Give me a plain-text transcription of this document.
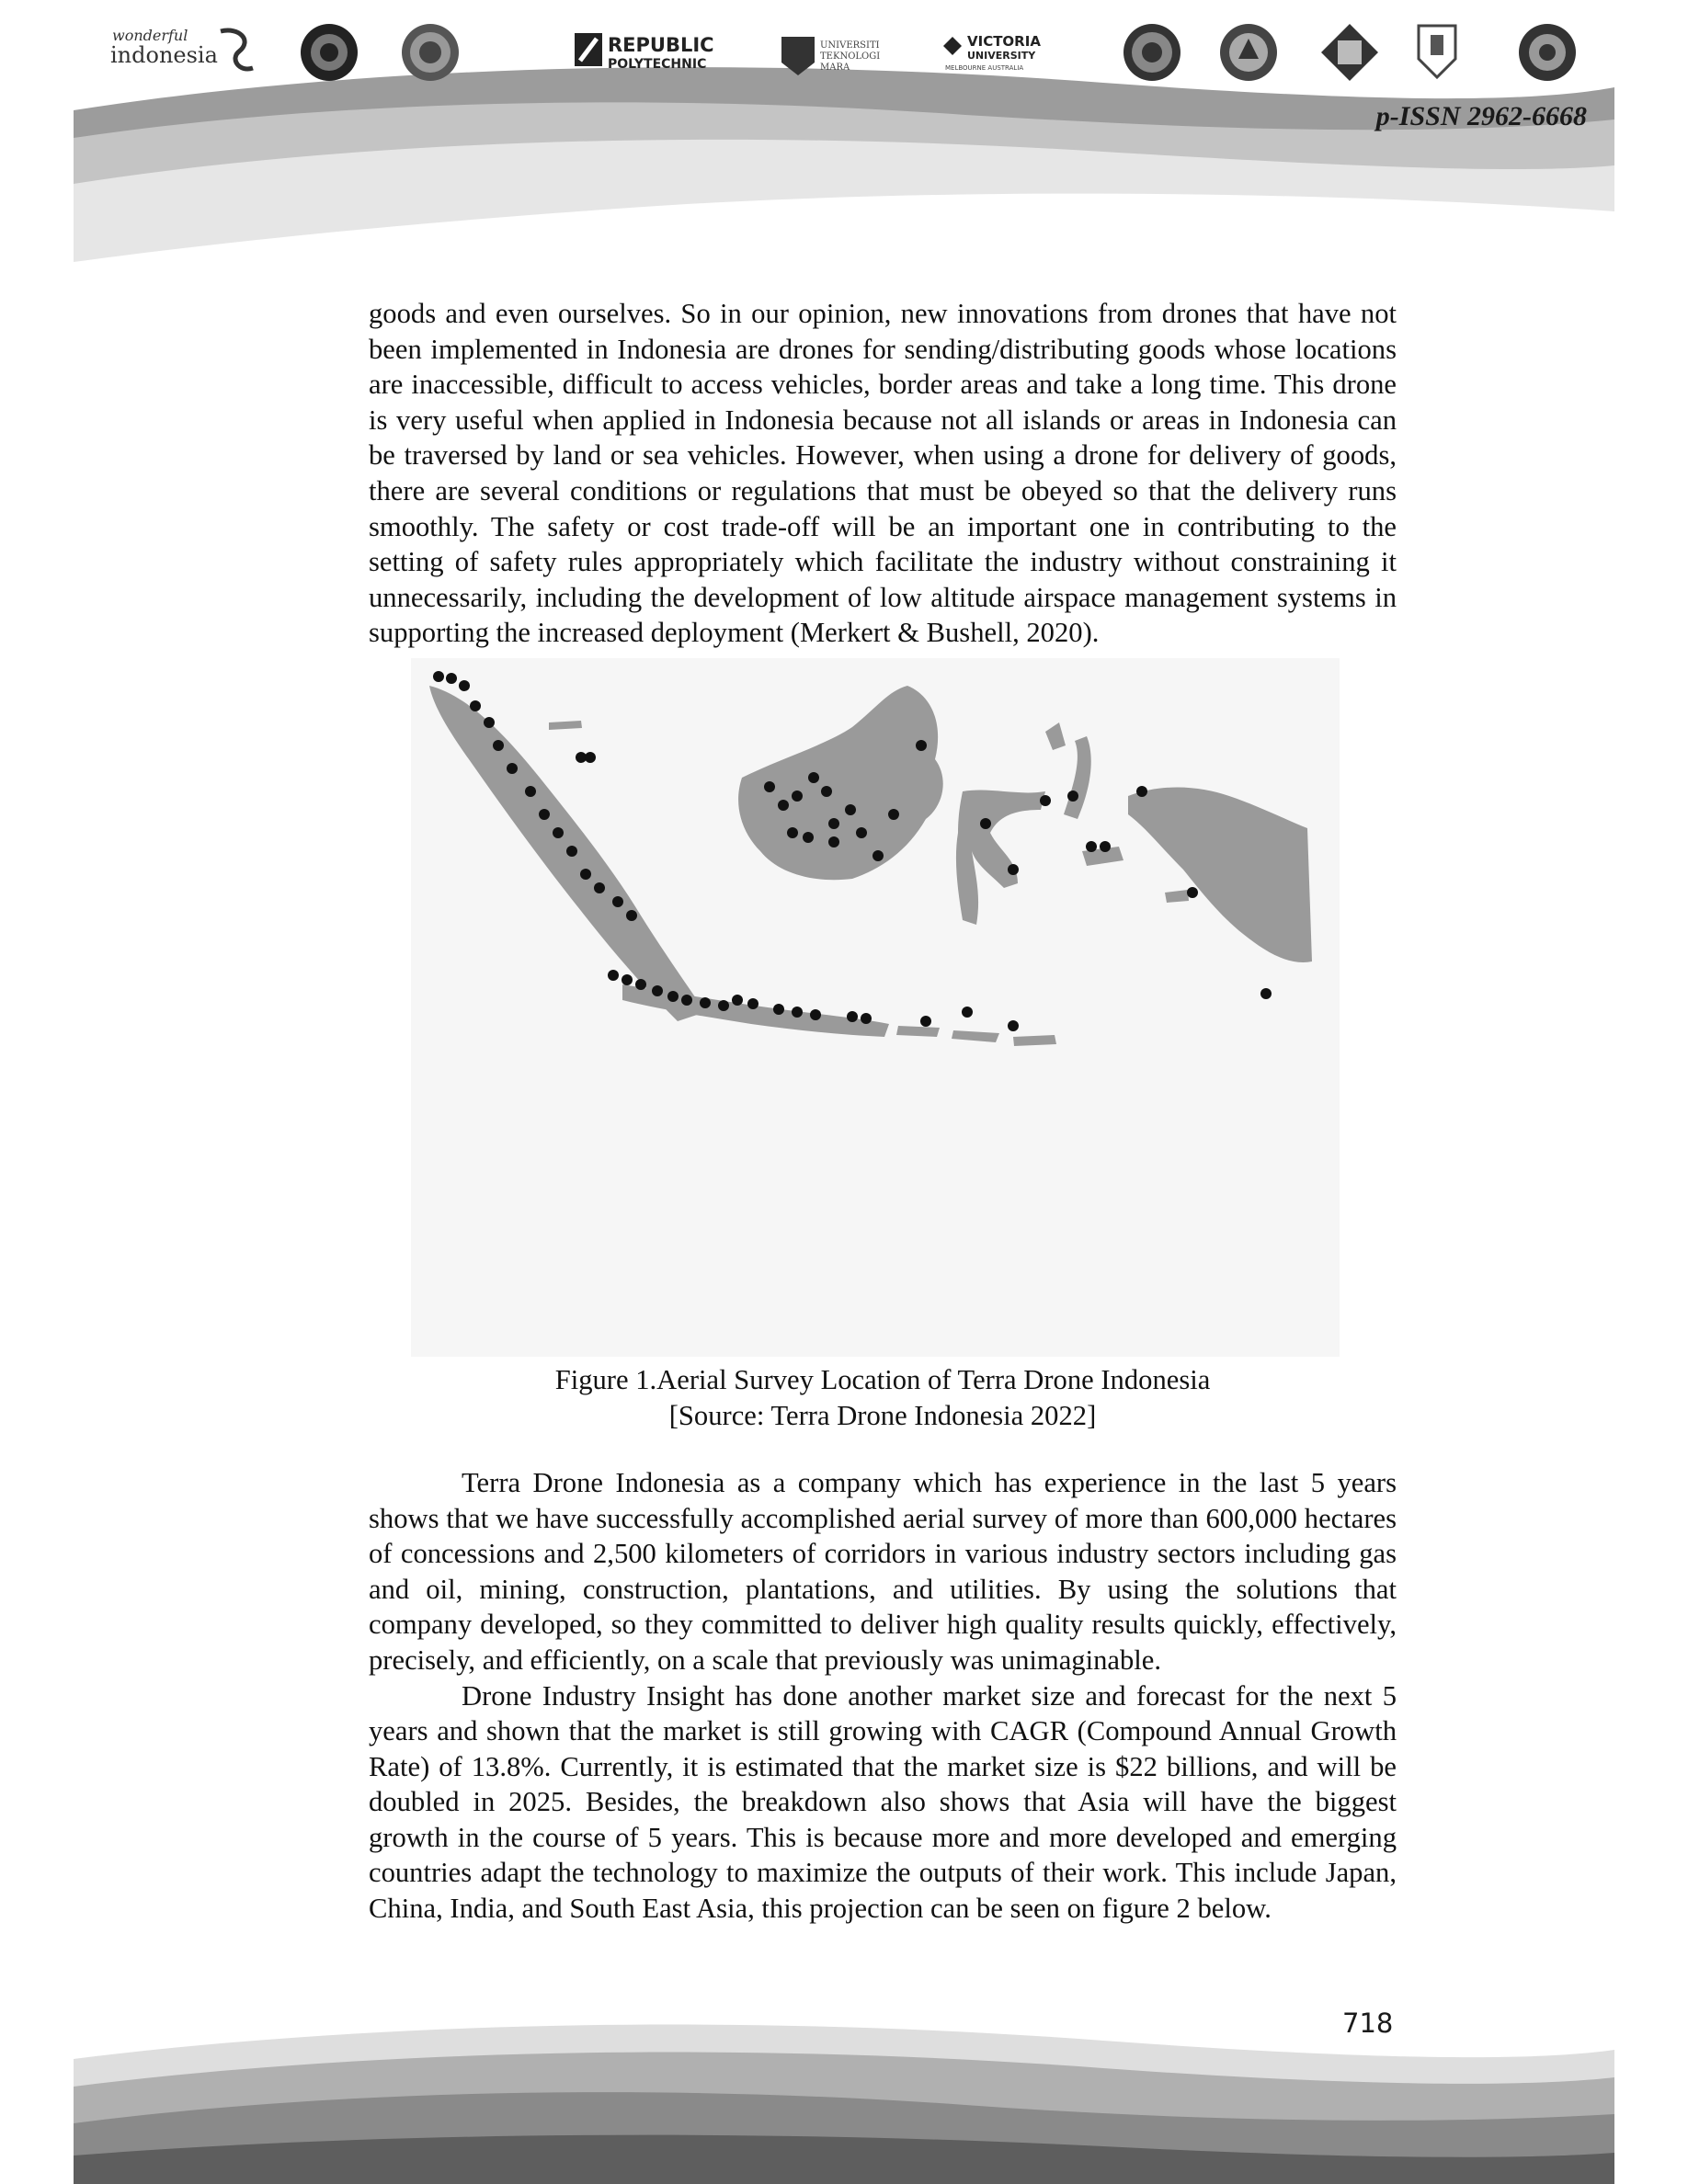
wonderful
indonesia	REPUBLIC
POLYTECHNIC
UNIVERSITI
TEKNOLOGI
MARA
VICTORIA
UNIVERSITY
MELBOURNE AUSTRALIA
p-ISSN 2962-6668

goods and even ourselves. So in our opinion, new innovations from drones that have not been implemented in Indonesia are drones for sending/distributing goods whose locations are inaccessible, difficult to access vehicles, border areas and take a long time. This drone is very useful when applied in Indonesia because not all islands or areas in Indonesia can be traversed by land or sea vehicles. However, when using a drone for delivery of goods, there are several conditions or regulations that must be obeyed so that the delivery runs smoothly. The safety or cost trade-off will be an important one in contributing to the setting of safety rules appropriately which facilitate the industry without constraining it unnecessarily, including the development of low altitude airspace management systems in supporting the increased deployment (Merkert & Bushell, 2020).

Figure 1.Aerial Survey Location of Terra Drone Indonesia
[Source: Terra Drone Indonesia 2022]

Terra Drone Indonesia as a company which has experience in the last 5 years shows that we have successfully accomplished aerial survey of more than 600,000 hectares of concessions and 2,500 kilometers of corridors in various industry sectors including gas and oil, mining, construction, plantations, and utilities. By using the solutions that company developed, so they committed to deliver high quality results quickly, effectively, precisely, and efficiently, on a scale that previously was unimaginable.

Drone Industry Insight has done another market size and forecast for the next 5 years and shown that the market is still growing with CAGR (Compound Annual Growth Rate) of 13.8%. Currently, it is estimated that the market size is $22 billions, and will be doubled in 2025. Besides, the breakdown also shows that Asia will have the biggest growth in the course of 5 years. This is because more and more developed and emerging countries adapt the technology to maximize the outputs of their work. This include Japan, China, India, and South East Asia, this projection can be seen on figure 2 below.

718
